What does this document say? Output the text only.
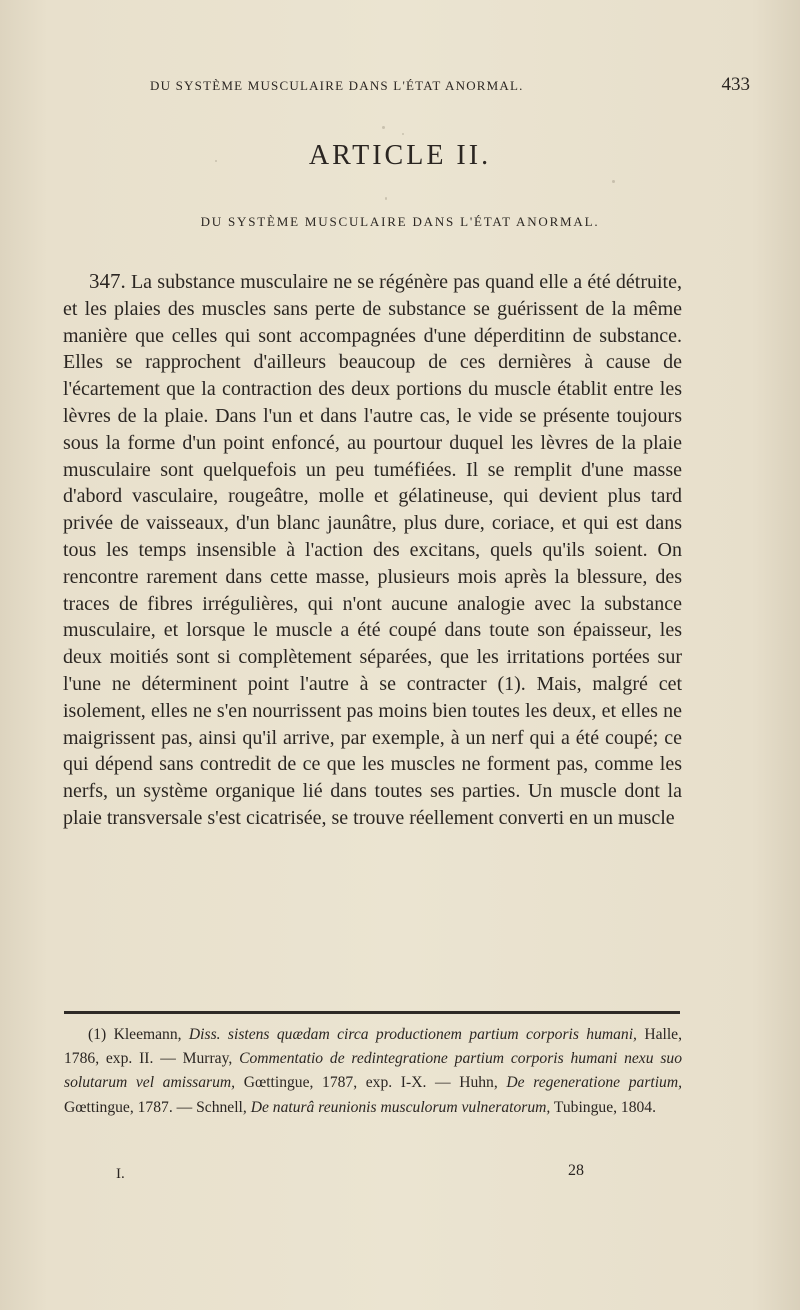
DU SYSTÈME MUSCULAIRE DANS L'ÉTAT ANORMAL.	433
ARTICLE II.
DU SYSTÈME MUSCULAIRE DANS L'ÉTAT ANORMAL.

347. La substance musculaire ne se régénère pas quand elle a été détruite, et les plaies des muscles sans perte de substance se guérissent de la même manière que celles qui sont accompagnées d'une déperditinn de substance. Elles se rapprochent d'ailleurs beaucoup de ces dernières à cause de l'écartement que la contraction des deux portions du muscle établit entre les lèvres de la plaie. Dans l'un et dans l'autre cas, le vide se présente toujours sous la forme d'un point enfoncé, au pourtour duquel les lèvres de la plaie musculaire sont quelquefois un peu tuméfiées. Il se remplit d'une masse d'abord vasculaire, rougeâtre, molle et gélatineuse, qui devient plus tard privée de vaisseaux, d'un blanc jaunâtre, plus dure, coriace, et qui est dans tous les temps insensible à l'action des excitans, quels qu'ils soient. On rencontre rarement dans cette masse, plusieurs mois après la blessure, des traces de fibres irrégulières, qui n'ont aucune analogie avec la substance musculaire, et lorsque le muscle a été coupé dans toute son épaisseur, les deux moitiés sont si complètement séparées, que les irritations portées sur l'une ne déterminent point l'autre à se contracter (1). Mais, malgré cet isolement, elles ne s'en nourrissent pas moins bien toutes les deux, et elles ne maigrissent pas, ainsi qu'il arrive, par exemple, à un nerf qui a été coupé; ce qui dépend sans contredit de ce que les muscles ne forment pas, comme les nerfs, un système organique lié dans toutes ses parties. Un muscle dont la plaie transversale s'est cicatrisée, se trouve réellement converti en un muscle

(1) Kleemann, Diss. sistens quædam circa productionem partium corporis humani, Halle, 1786, exp. II. — Murray, Commentatio de redintegratione partium corporis humani nexu suo solutarum vel amissarum, Gœttingue, 1787, exp. I-X. — Huhn, De regeneratione partium, Gœttingue, 1787. — Schnell, De naturâ reunionis musculorum vulneratorum, Tubingue, 1804.

I.	28
